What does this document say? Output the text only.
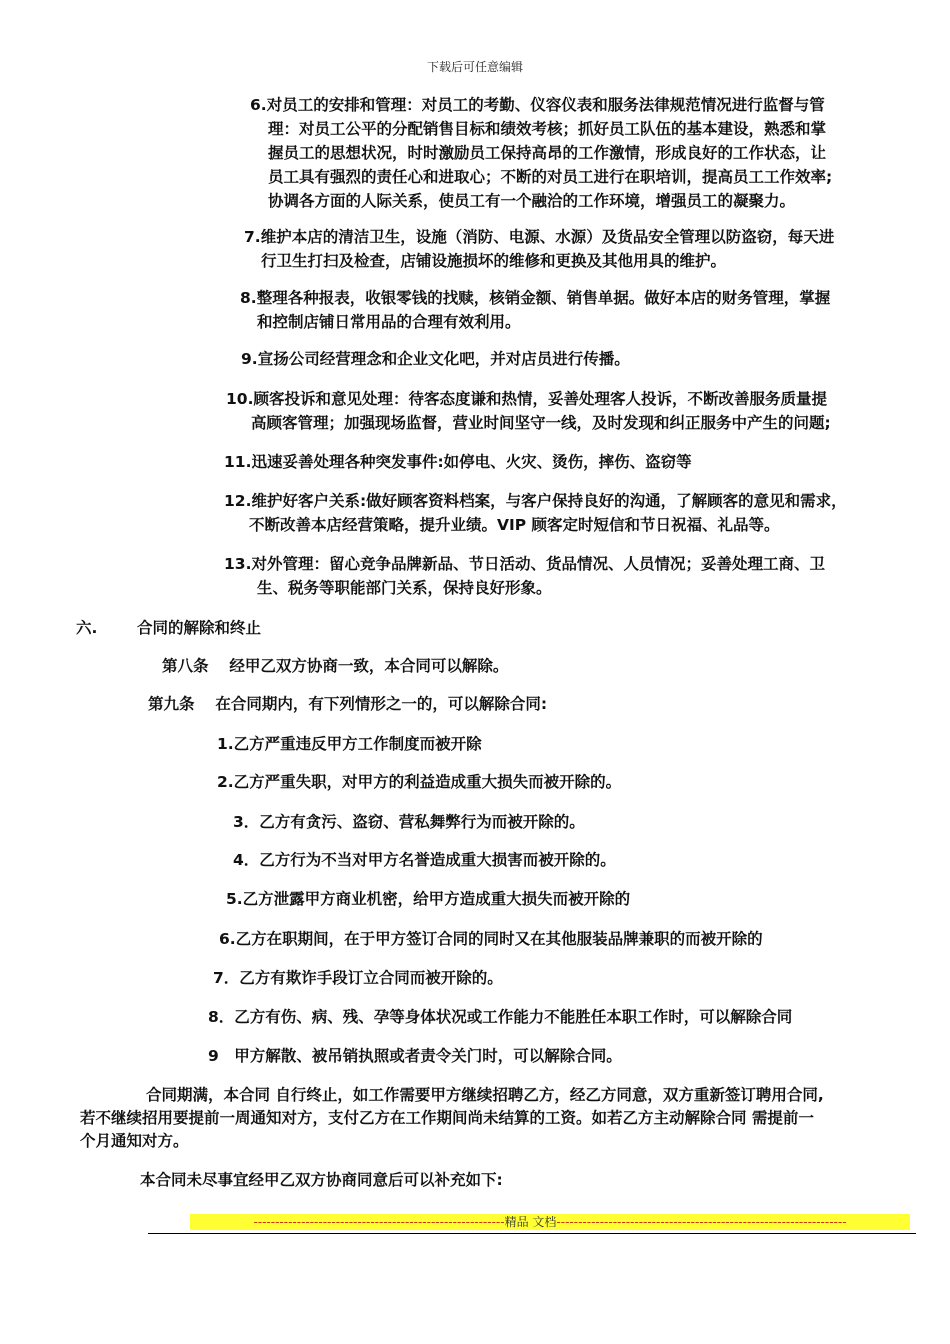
下载后可任意编辑
6.对员工的安排和管理：对员工的考勤、仪容仪表和服务法律规范情况进行监督与管
理：对员工公平的分配销售目标和绩效考核；抓好员工队伍的基本建设，熟悉和掌
握员工的思想状况，时时激励员工保持高昂的工作激情，形成良好的工作状态，让
员工具有强烈的责任心和进取心；不断的对员工进行在职培训，提高员工工作效率;
协调各方面的人际关系，使员工有一个融洽的工作环境，增强员工的凝聚力。
7.维护本店的清洁卫生，设施（消防、电源、水源）及货品安全管理以防盗窃，每天进
行卫生打扫及检查，店铺设施损坏的维修和更换及其他用具的维护。
8.整理各种报表，收银零钱的找赎，核销金额、销售单据。做好本店的财务管理，掌握
和控制店铺日常用品的合理有效利用。
9.宣扬公司经营理念和企业文化吧，并对店员进行传播。
10.顾客投诉和意见处理：待客态度谦和热情，妥善处理客人投诉，不断改善服务质量提
高顾客管理；加强现场监督，营业时间坚守一线，及时发现和纠正服务中产生的问题;
11.迅速妥善处理各种突发事件:如停电、火灾、烫伤，摔伤、盗窃等
12.维护好客户关系:做好顾客资料档案，与客户保持良好的沟通，了解顾客的意见和需求，
不断改善本店经营策略，提升业绩。VIP 顾客定时短信和节日祝福、礼品等。
13.对外管理：留心竞争品牌新品、节日活动、货品情况、人员情况；妥善处理工商、卫
生、税务等职能部门关系，保持良好形象。
六.	合同的解除和终止
第八条　 经甲乙双方协商一致，本合同可以解除。
第九条　 在合同期内，有下列情形之一的，可以解除合同:
1.乙方严重违反甲方工作制度而被开除
2.乙方严重失职，对甲方的利益造成重大损失而被开除的。
3．乙方有贪污、盗窃、营私舞弊行为而被开除的。
4．乙方行为不当对甲方名誉造成重大损害而被开除的。
5.乙方泄露甲方商业机密，给甲方造成重大损失而被开除的
6.乙方在职期间，在于甲方签订合同的同时又在其他服装品牌兼职的而被开除的
7．乙方有欺诈手段订立合同而被开除的。
8．乙方有伤、病、残、孕等身体状况或工作能力不能胜任本职工作时，可以解除合同
9　甲方解散、被吊销执照或者责令关门时，可以解除合同。
合同期满，本合同 自行终止，如工作需要甲方继续招聘乙方，经乙方同意，双方重新签订聘用合同,
若不继续招用要提前一周通知对方，支付乙方在工作期间尚未结算的工资。如若乙方主动解除合同 需提前一
个月通知对方。
本合同未尽事宜经甲乙双方协商同意后可以补充如下:
----------------------------------------------------------精品 文档-------------------------------------------------------------------
